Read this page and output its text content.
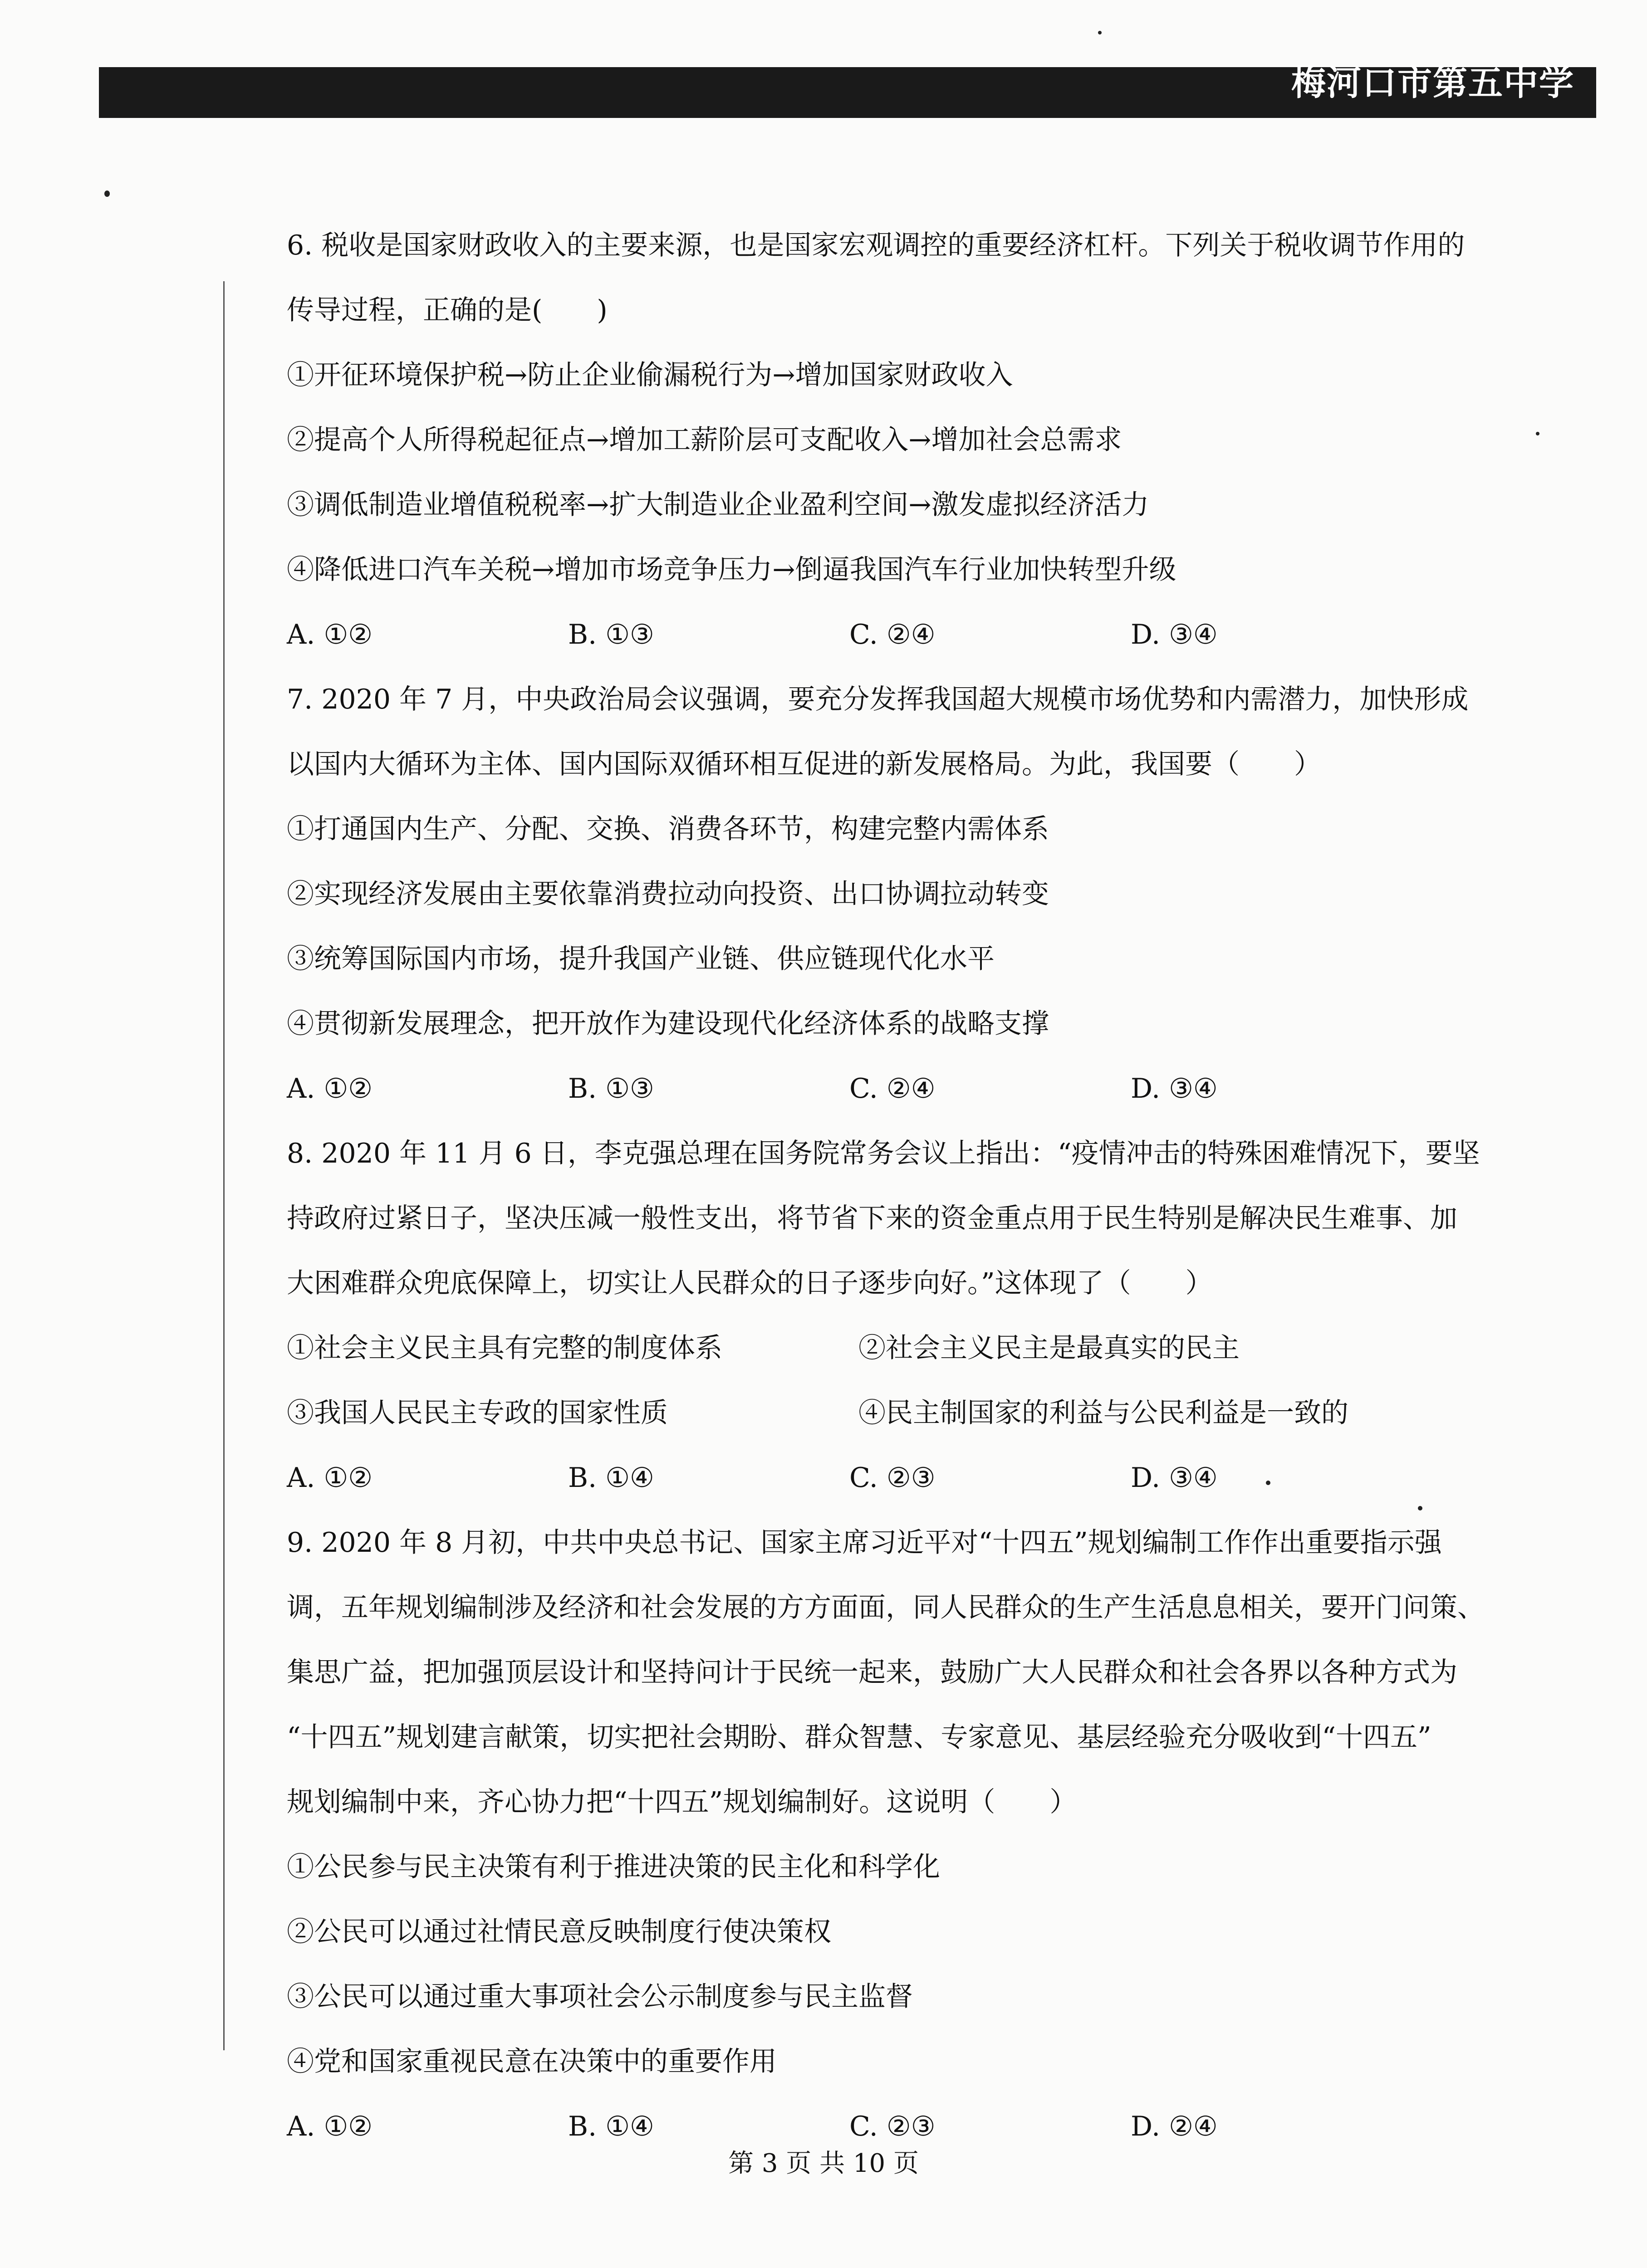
梅河口市第五中学
6. 税收是国家财政收入的主要来源，也是国家宏观调控的重要经济杠杆。下列关于税收调节作用的
传导过程，正确的是(　　)
①开征环境保护税→防止企业偷漏税行为→增加国家财政收入
②提高个人所得税起征点→增加工薪阶层可支配收入→增加社会总需求
③调低制造业增值税税率→扩大制造业企业盈利空间→激发虚拟经济活力
④降低进口汽车关税→增加市场竞争压力→倒逼我国汽车行业加快转型升级
A. ①②	B. ①③	C. ②④	D. ③④
7. 2020 年 7 月，中央政治局会议强调，要充分发挥我国超大规模市场优势和内需潜力，加快形成
以国内大循环为主体、国内国际双循环相互促进的新发展格局。为此，我国要（　　）
①打通国内生产、分配、交换、消费各环节，构建完整内需体系
②实现经济发展由主要依靠消费拉动向投资、出口协调拉动转变
③统筹国际国内市场，提升我国产业链、供应链现代化水平
④贯彻新发展理念，把开放作为建设现代化经济体系的战略支撑
A. ①②	B. ①③	C. ②④	D. ③④
8. 2020 年 11 月 6 日，李克强总理在国务院常务会议上指出：“疫情冲击的特殊困难情况下，要坚
持政府过紧日子，坚决压减一般性支出，将节省下来的资金重点用于民生特别是解决民生难事、加
大困难群众兜底保障上，切实让人民群众的日子逐步向好。”这体现了（　　）
①社会主义民主具有完整的制度体系	②社会主义民主是最真实的民主
③我国人民民主专政的国家性质	④民主制国家的利益与公民利益是一致的
A. ①②	B. ①④	C. ②③	D. ③④
9. 2020 年 8 月初，中共中央总书记、国家主席习近平对“十四五”规划编制工作作出重要指示强
调，五年规划编制涉及经济和社会发展的方方面面，同人民群众的生产生活息息相关，要开门问策、
集思广益，把加强顶层设计和坚持问计于民统一起来，鼓励广大人民群众和社会各界以各种方式为
“十四五”规划建言献策，切实把社会期盼、群众智慧、专家意见、基层经验充分吸收到“十四五”
规划编制中来，齐心协力把“十四五”规划编制好。这说明（　　）
①公民参与民主决策有利于推进决策的民主化和科学化
②公民可以通过社情民意反映制度行使决策权
③公民可以通过重大事项社会公示制度参与民主监督
④党和国家重视民意在决策中的重要作用
A. ①②	B. ①④	C. ②③	D. ②④
第 3 页 共 10 页
